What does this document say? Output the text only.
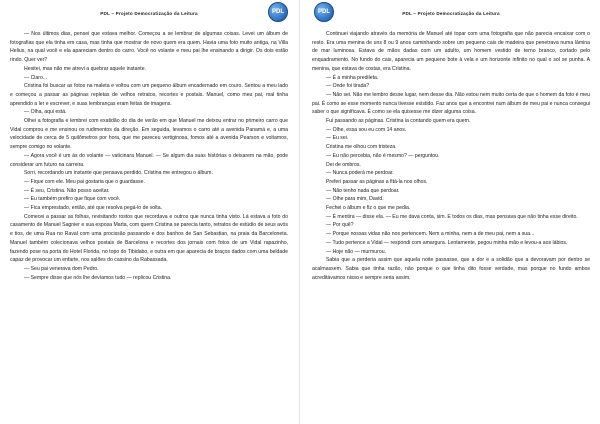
PDL – Projeto Democratização da Leitura	PDL

— Nos últimos dias, pensei que estava melhor. Começou a se lembrar de algumas coisas. Levei um álbum de fotografias que ela tinha em casa, mas tinha que mostrar de novo quem era quem. Havia uma foto muito antiga, na Villa Helius, na qual você e ela apareciam dentro do carro. Você no volante e meu pai lhe ensinando a dirigir. Os dois estão rindo. Quer ver?

Hesitei, mas não me atrevi a quebrar aquele instante.

— Claro...

Cristina foi buscar as fotos na maleta e voltou com um pequeno álbum encadernado em couro. Sentou a meu lado e começou a passar as páginas repletas de velhos retratos, recortes e postais. Manuel, como meu pai, mal tinha aprendido a ler e escrever, e suas lembranças eram feitas de imagens.

— Olha, aqui está.

Olhei a fotografia e lembrei com exatidão do dia de verão em que Manuel me deixou entrar no primeiro carro que Vidal comprou e me ensinou os rudimentos da direção. Em seguida, levamos o carro até a avenida Panamá e, a uma velocidade de cerca de 5 quilômetros por hora, que me pareceu vertiginosa, fomos até a avenida Pearson e voltamos, sempre comigo no volante.

— Agora você é um ás do volante — vaticinara Manuel. — Se algum dia suas histórias o deixarem na mão, pode considerar um futuro na carreira.

Sorri, recordando um instante que pensava perdido. Cristina me entregou o álbum.

— Fique com ele. Meu pai gostaria que o guardasse.

— É seu, Cristina. Não posso aceitar.

— Eu também prefiro que fique com você.

— Fica emprestado, então, até que resolva pegá-lo de volta.

Comecei a passar as folhas, revisitando rostos que recordava e outros que nunca tinha visto. Lá estava a foto do casamento de Manuel Sagnier e sua esposa Marta, com quem Cristina se parecia tanto, retratos de estúdio de seus avós e tios, de uma Rua no Raval com uma procissão passando e dos banhos de San Sebastian, na praia da Barceloneta. Manuel também colecionava velhos postais de Barcelona e recortes dos jornais com fotos de um Vidal rapazinho, fazendo pose na porta do Hotel Florida, no topo do Tibidabo, e outra em que aparecia de braços dados com uma beldade capaz de provocar um enfarte, nos salões do cassino da Rabassada.

— Seu pai venerava dom Pedro.

— Sempre disse que nós lhe devíamos tudo — replicou Cristina.

PDL – Projeto Democratização da Leitura
PDL

Continuei viajando através da memória de Manuel até topar com uma fotografia que não parecia encaixar com o resto. Era uma menina de uns 8 ou 9 anos caminhando sobre um pequeno cais de madeira que penetrava numa lâmina de mar luminosa. Estava de mãos dadas com um adulto, um homem vestido de terno branco, cortado pelo enquadramento. No fundo do cais, aparecia um pequeno bote à vela e um horizonte infinito no qual o sol se punha. A menina, que estava de costas, era Cristina.

— É a minha predileta.

— Onde foi tirada?

— Não sei. Não me lembro desse lugar, nem desse dia. Não estou nem muito certa de que o homem da foto é meu pai. É como se esse momento nunca tivesse existido. Faz anos que a encontrei num álbum de meu pai e nunca consegui saber o que significava. É como se ela quisesse me dizer alguma coisa.

Fui passando as páginas. Cristina ia contando quem era quem.

— Olhe, essa sou eu com 14 anos.

— Eu sei.

Cristina me olhou com tristeza.

— Eu não percebia, não é mesmo? — perguntou.

Dei de ombros.

— Nunca poderá me perdoar.

Preferi passar as páginas a fitá-la nos olhos.

— Não tenho nada que perdoar.

— Olhe para mim, David.

Fechei o álbum e fiz o que me pedia.

— É mentira — disse ela. — Eu me dava conta, sim. E todos os dias, mas pensava que não tinha esse direito.

— Por quê?

— Porque nossas vidas não nos pertencem. Nem a minha, nem a de meu pai, nem a sua...

— Tudo pertence a Vidal — respondi com amargura. Lentamente, pegou minha mão e levou-a aos lábios.

— Hoje não — murmurou.

Sabia que a perderia assim que aquela noite passasse, que a dor e a solidão que a devoravam por dentro se acalmassem. Sabia que tinha razão, não porque o que tinha dito fosse verdade, mas porque no fundo ambos acreditávamos nisso e sempre seria assim.
